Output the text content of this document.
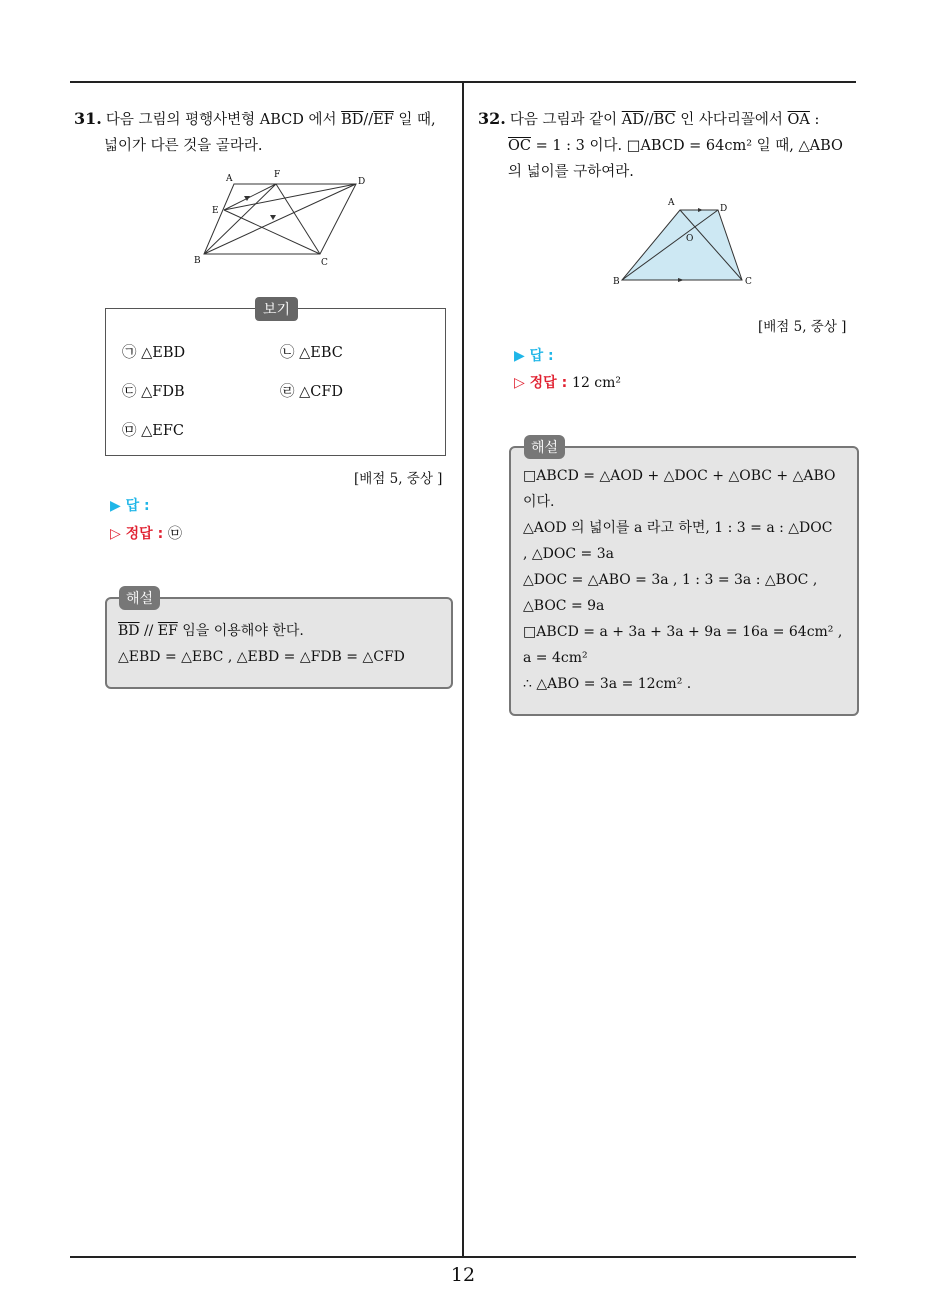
31. 다음 그림의 평행사변형 ABCD 에서 $\overline{BD}//\overline{EF}$ 일 때,
넓이가 다른 것을 골라라.
A	F
D
E
B	C
보기
㉠ △EBD	㉡ △EBC
㉢ △FDB	㉣ △CFD
㉤ △EFC
[배점 5, 중상 ]
▶ 답 :
▷ 정답 : ㉤
$\overline{BD} // \overline{EF}$ 임을 이용해야 한다.
△EBD = △EBC , △EBD = △FDB = △CFD
해설
32. 다음 그림과 같이 $\overline{AD}//\overline{BC}$ 인 사다리꼴에서 $\overline{OA}$ :
$\overline{OC} = 1$ : 3 이다. □ABCD = 64cm² 일 때, △ABO
의 넓이를 구하여라.
A
D
O
B	C
[배점 5, 중상 ]
▶ 답 :
▷ 정답 : 12 cm²
□ABCD = △AOD + △DOC + △OBC + △ABO
이다.
△AOD 의 넓이를 a 라고 하면, 1 : 3 = a : △DOC
, △DOC = 3a
△DOC = △ABO = 3a , 1 : 3 = 3a : △BOC ,
△BOC = 9a
□ABCD = a + 3a + 3a + 9a = 16a = 64cm² ,
a = 4cm²
∴ △ABO = 3a = 12cm² .
해설
12
